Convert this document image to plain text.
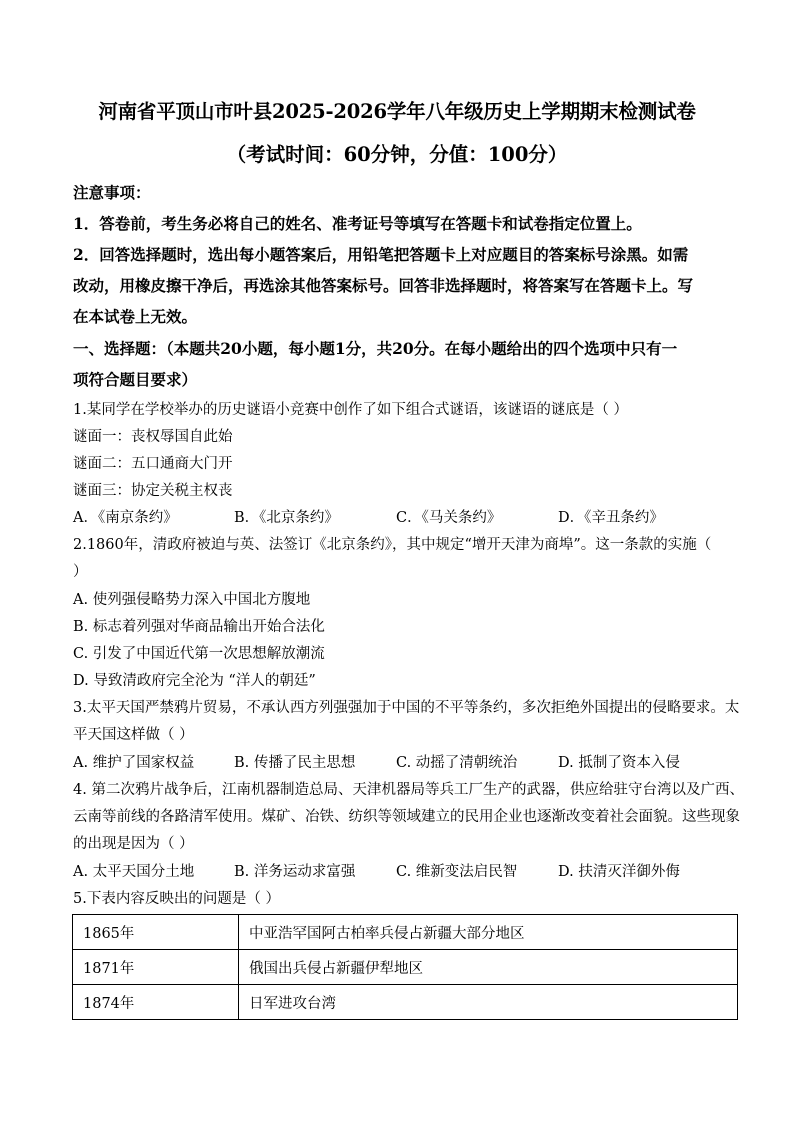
河南省平顶山市叶县2025-2026学年八年级历史上学期期末检测试卷
（考试时间：60分钟，分值：100分）
注意事项：
1．答卷前，考生务必将自己的姓名、准考证号等填写在答题卡和试卷指定位置上。
2．回答选择题时，选出每小题答案后，用铅笔把答题卡上对应题目的答案标号涂黑。如需
改动，用橡皮擦干净后，再选涂其他答案标号。回答非选择题时，将答案写在答题卡上。写
在本试卷上无效。
一、选择题：（本题共20小题，每小题1分，共20分。在每小题给出的四个选项中只有一
项符合题目要求）
1.某同学在学校举办的历史谜语小竞赛中创作了如下组合式谜语，该谜语的谜底是（ ）
谜面一：丧权辱国自此始
谜面二：五口通商大门开
谜面三：协定关税主权丧
A．《南京条约》	B．《北京条约》	C．《马关条约》	D．《辛丑条约》
2.1860年，清政府被迫与英、法签订《北京条约》，其中规定“增开天津为商埠”。这一条款的实施（
）
A. 使列强侵略势力深入中国北方腹地
B. 标志着列强对华商品输出开始合法化
C. 引发了中国近代第一次思想解放潮流
D. 导致清政府完全沦为 “洋人的朝廷”
3.太平天国严禁鸦片贸易，不承认西方列强强加于中国的不平等条约，多次拒绝外国提出的侵略要求。太
平天国这样做（ ）
A. 维护了国家权益	B. 传播了民主思想	C. 动摇了清朝统治	D. 抵制了资本入侵
4. 第二次鸦片战争后，江南机器制造总局、天津机器局等兵工厂生产的武器，供应给驻守台湾以及广西、
云南等前线的各路清军使用。煤矿、冶铁、纺织等领域建立的民用企业也逐渐改变着社会面貌。这些现象
的出现是因为（ ）
A. 太平天国分土地	B. 洋务运动求富强	C. 维新变法启民智	D. 扶清灭洋御外侮
5.下表内容反映出的问题是（ ）
1865年	中亚浩罕国阿古柏率兵侵占新疆大部分地区
1871年	俄国出兵侵占新疆伊犁地区
1874年	日军进攻台湾
